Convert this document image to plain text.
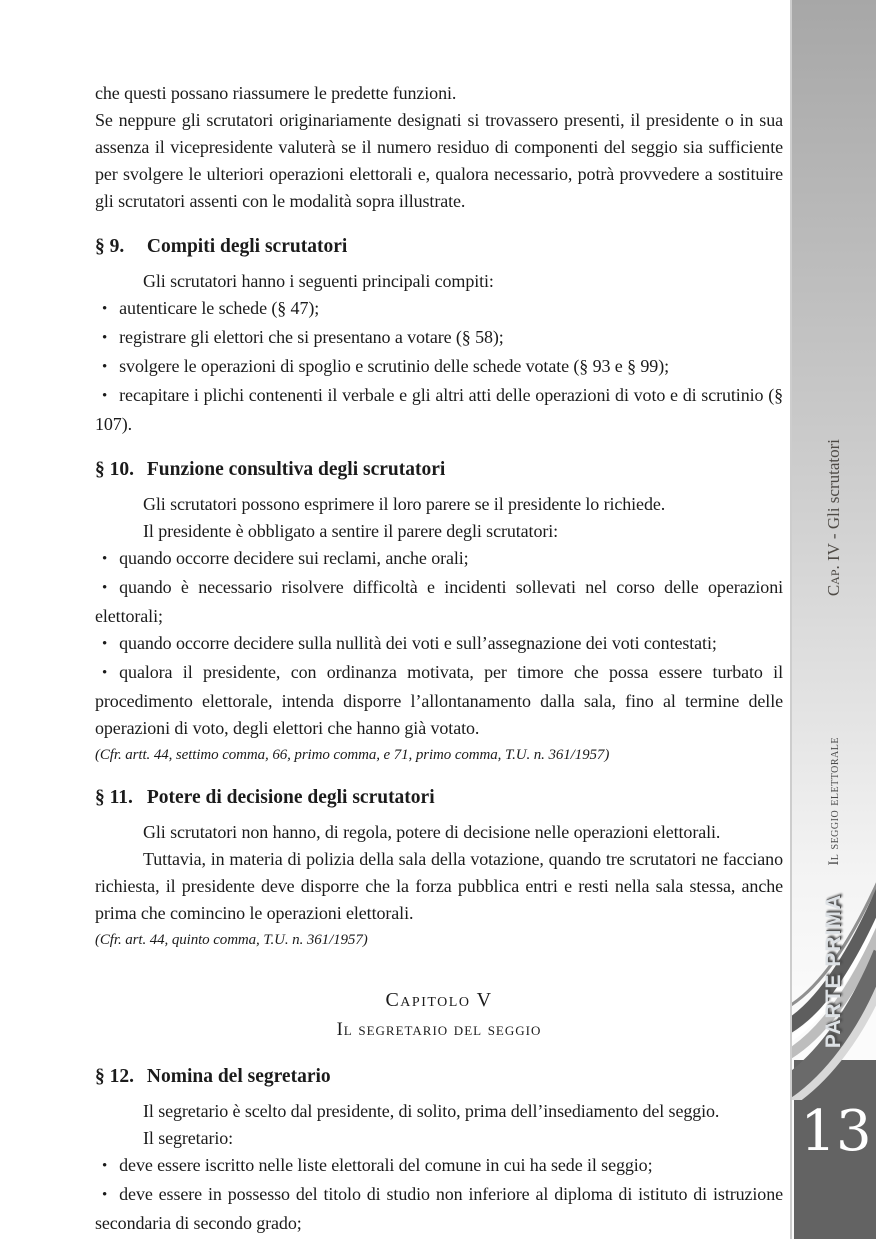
che questi possano riassumere le predette funzioni.

Se neppure gli scrutatori originariamente designati si trovassero presenti, il presidente o in sua assenza il vicepresidente valuterà se il numero residuo di componenti del seggio sia sufficiente per svolgere le ulteriori operazioni elettorali e, qualora necessario, potrà provvedere a sostituire gli scrutatori assenti con le modalità sopra illustrate.

§ 9. Compiti degli scrutatori

Gli scrutatori hanno i seguenti principali compiti:

• autenticare le schede (§ 47);

• registrare gli elettori che si presentano a votare (§ 58);

• svolgere le operazioni di spoglio e scrutinio delle schede votate (§ 93 e § 99);

• recapitare i plichi contenenti il verbale e gli altri atti delle operazioni di voto e di scrutinio (§ 107).

§ 10. Funzione consultiva degli scrutatori

Gli scrutatori possono esprimere il loro parere se il presidente lo richiede.

Il presidente è obbligato a sentire il parere degli scrutatori:

• quando occorre decidere sui reclami, anche orali;

• quando è necessario risolvere difficoltà e incidenti sollevati nel corso delle operazioni elettorali;

• quando occorre decidere sulla nullità dei voti e sull’assegnazione dei voti contestati;

• qualora il presidente, con ordinanza motivata, per timore che possa essere turbato il procedimento elettorale, intenda disporre l’allontanamento dalla sala, fino al termine delle operazioni di voto, degli elettori che hanno già votato.

(Cfr. artt. 44, settimo comma, 66, primo comma, e 71, primo comma, T.U. n. 361/1957)

§ 11. Potere di decisione degli scrutatori

Gli scrutatori non hanno, di regola, potere di decisione nelle operazioni elettorali.

Tuttavia, in materia di polizia della sala della votazione, quando tre scrutatori ne facciano richiesta, il presidente deve disporre che la forza pubblica entri e resti nella sala stessa, anche prima che comincino le operazioni elettorali.

(Cfr. art. 44, quinto comma, T.U. n. 361/1957)

Capitolo V
Il segretario del seggio
§ 12. Nomina del segretario

Il segretario è scelto dal presidente, di solito, prima dell’insediamento del seggio.

Il segretario:

• deve essere iscritto nelle liste elettorali del comune in cui ha sede il seggio;

• deve essere in possesso del titolo di studio non inferiore al diploma di istituto di istruzione secondaria di secondo grado;

Cap. IV - Gli scrutatori
Il seggio elettorale
13
PARTE PRIMA
